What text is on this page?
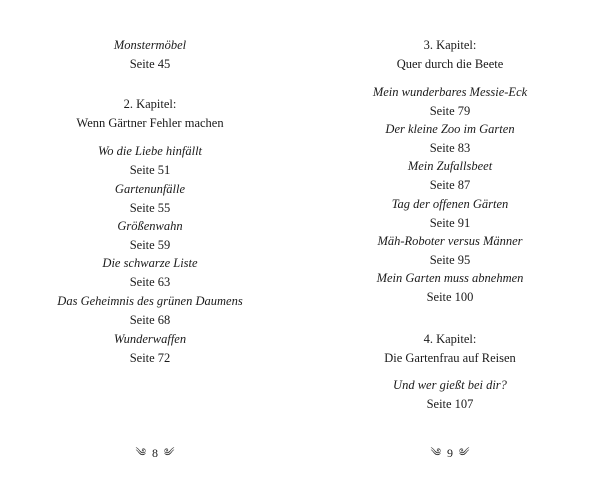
Monstermöbel
Seite 45
2. Kapitel:
Wenn Gärtner Fehler machen
Wo die Liebe hinfällt
Seite 51
Gartenunfälle
Seite 55
Größenwahn
Seite 59
Die schwarze Liste
Seite 63
Das Geheimnis des grünen Daumens
Seite 68
Wunderwaffen
Seite 72
༄ 8 ༄
3. Kapitel:
Quer durch die Beete
Mein wunderbares Messie-Eck
Seite 79
Der kleine Zoo im Garten
Seite 83
Mein Zufallsbeet
Seite 87
Tag der offenen Gärten
Seite 91
Mäh-Roboter versus Männer
Seite 95
Mein Garten muss abnehmen
Seite 100
4. Kapitel:
Die Gartenfrau auf Reisen
Und wer gießt bei dir?
Seite 107
༄ 9 ༄
